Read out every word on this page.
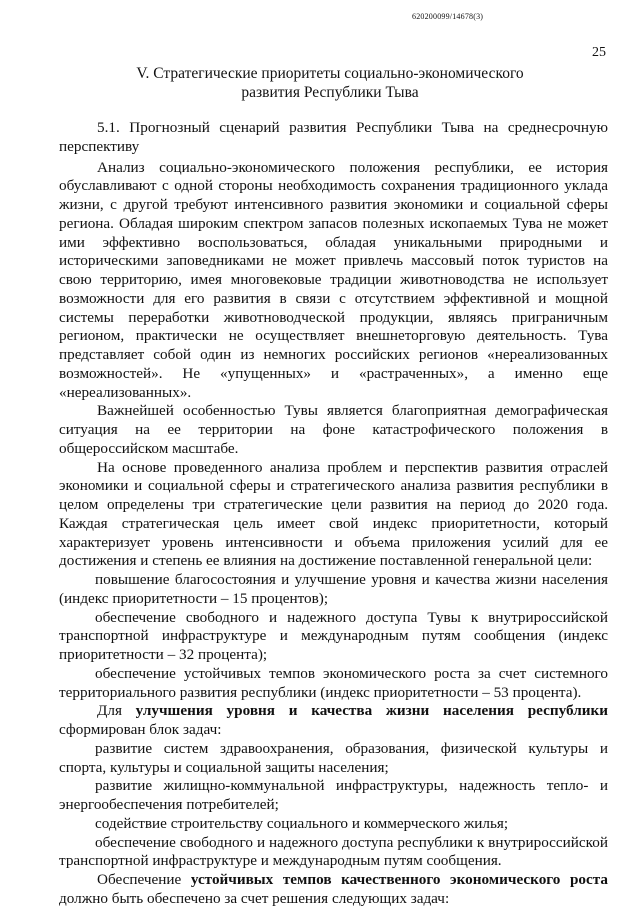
620200099/14678(3)
25
V. Стратегические приоритеты социально-экономического
развития Республики Тыва

5.1. Прогнозный сценарий развития Республики Тыва на среднесрочную перспективу

Анализ социально-экономического положения республики, ее история обуславливают с одной стороны необходимость сохранения традиционного уклада жизни, с другой требуют интенсивного развития экономики и социальной сферы региона. Обладая широким спектром запасов полезных ископаемых Тува не может ими эффективно воспользоваться, обладая уникальными природными и историческими заповедниками не может привлечь массовый поток туристов на свою территорию, имея многовековые традиции животноводства не использует возможности для его развития в связи с отсутствием эффективной и мощной системы переработки животноводческой продукции, являясь приграничным регионом, практически не осуществляет внешнеторговую деятельность. Тува представляет собой один из немногих российских регионов «нереализованных возможностей». Не «упущенных» и «растраченных», а именно еще «нереализованных».

Важнейшей особенностью Тувы является благоприятная демографическая ситуация на ее территории на фоне катастрофического положения в общероссийском масштабе.

На основе проведенного анализа проблем и перспектив развития отраслей экономики и социальной сферы и стратегического анализа развития республики в целом определены три стратегические цели развития на период до 2020 года. Каждая стратегическая цель имеет свой индекс приоритетности, который характеризует уровень интенсивности и объема приложения усилий для ее достижения и степень ее влияния на достижение поставленной генеральной цели:

повышение благосостояния и улучшение уровня и качества жизни населения (индекс приоритетности – 15 процентов);

обеспечение свободного и надежного доступа Тувы к внутрироссийской транспортной инфраструктуре и международным путям сообщения (индекс приоритетности – 32 процента);

обеспечение устойчивых темпов экономического роста за счет системного территориального развития республики (индекс приоритетности – 53 процента).

Для улучшения уровня и качества жизни населения республики сформирован блок задач:

развитие систем здравоохранения, образования, физической культуры и спорта, культуры и социальной защиты населения;

развитие жилищно-коммунальной инфраструктуры, надежность тепло- и энергообеспечения потребителей;

содействие строительству социального и коммерческого жилья;

обеспечение свободного и надежного доступа республики к внутрироссийской транспортной инфраструктуре и международным путям сообщения.

Обеспечение устойчивых темпов качественного экономического роста должно быть обеспечено за счет решения следующих задач:
